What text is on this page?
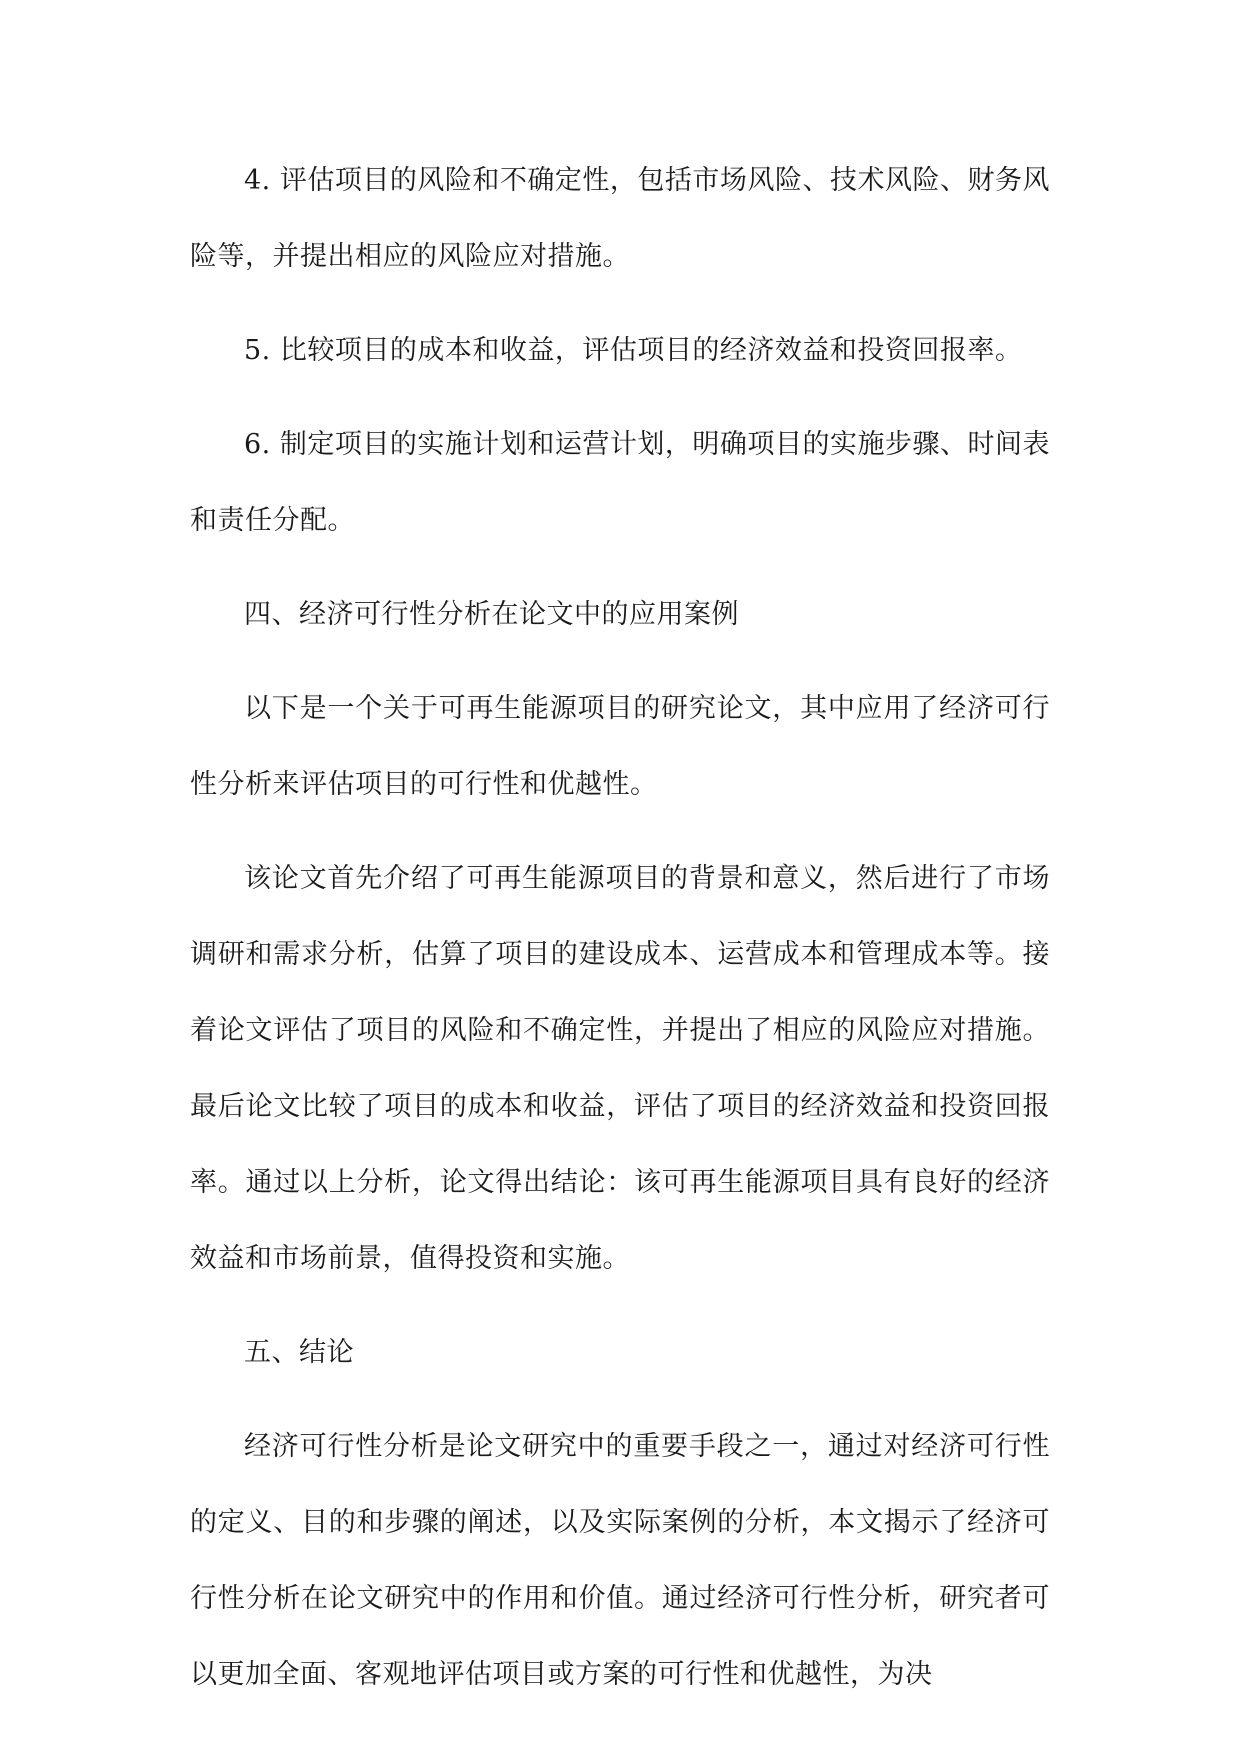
4. 评估项目的风险和不确定性，包括市场风险、技术风险、财务风险等，并提出相应的风险应对措施。

5. 比较项目的成本和收益，评估项目的经济效益和投资回报率。

6. 制定项目的实施计划和运营计划，明确项目的实施步骤、时间表和责任分配。

四、经济可行性分析在论文中的应用案例

以下是一个关于可再生能源项目的研究论文，其中应用了经济可行性分析来评估项目的可行性和优越性。

该论文首先介绍了可再生能源项目的背景和意义，然后进行了市场调研和需求分析，估算了项目的建设成本、运营成本和管理成本等。接着论文评估了项目的风险和不确定性，并提出了相应的风险应对措施。最后论文比较了项目的成本和收益，评估了项目的经济效益和投资回报率。通过以上分析，论文得出结论：该可再生能源项目具有良好的经济效益和市场前景，值得投资和实施。

五、结论

经济可行性分析是论文研究中的重要手段之一，通过对经济可行性的定义、目的和步骤的阐述，以及实际案例的分析，本文揭示了经济可行性分析在论文研究中的作用和价值。通过经济可行性分析，研究者可以更加全面、客观地评估项目或方案的可行性和优越性，为决
